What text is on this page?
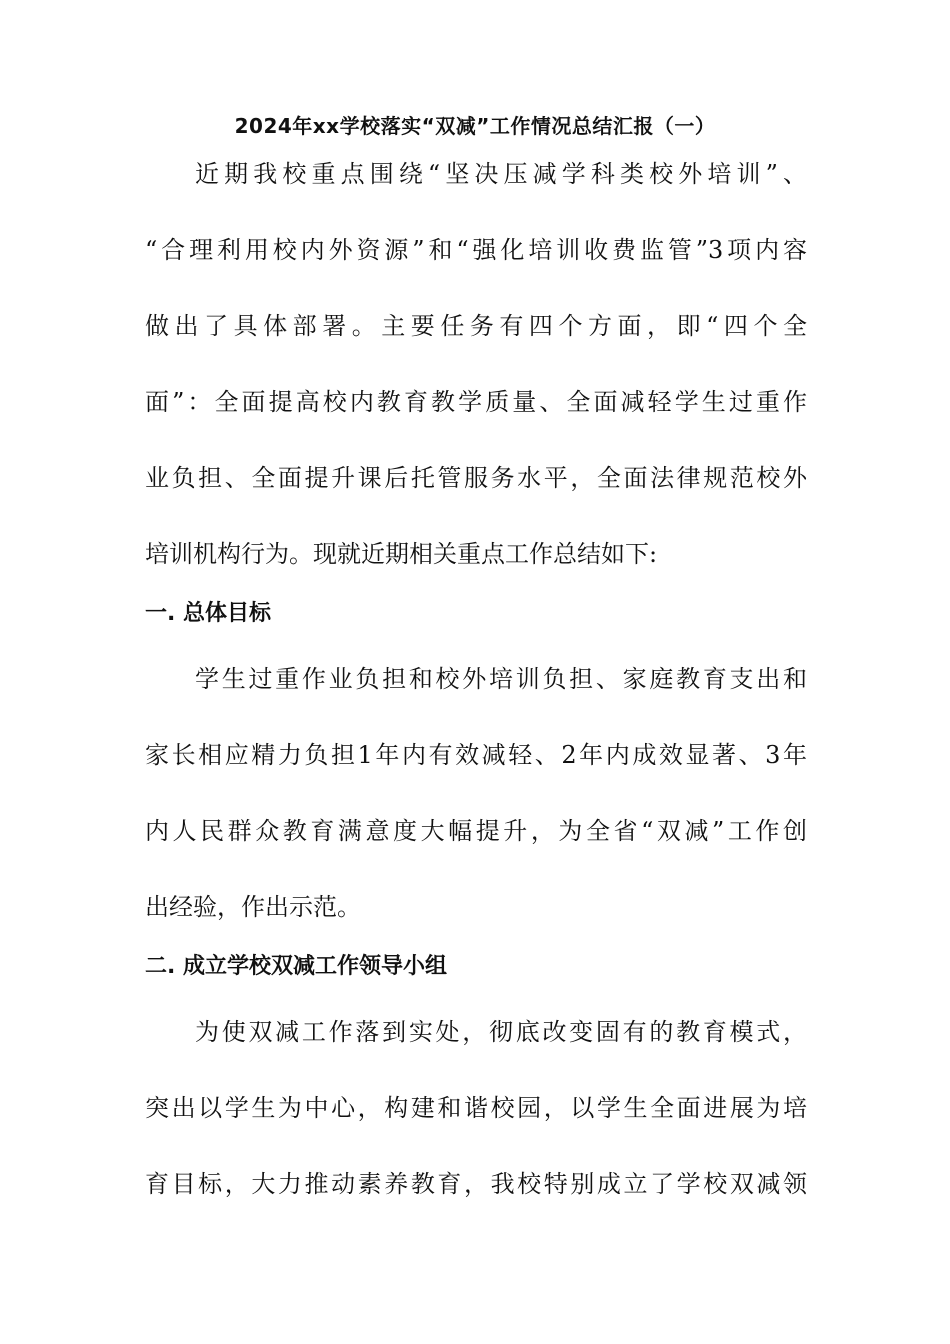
2024年xx学校落实“双减”工作情况总结汇报（一）
近期我校重点围绕“坚决压减学科类校外培训”、
“合理利用校内外资源”和“强化培训收费监管”3项内容
做出了具体部署。主要任务有四个方面，即“四个全
面”：全面提高校内教育教学质量、全面减轻学生过重作
业负担、全面提升课后托管服务水平，全面法律规范校外
培训机构行为。现就近期相关重点工作总结如下:
一. 总体目标
学生过重作业负担和校外培训负担、家庭教育支出和
家长相应精力负担1年内有效减轻、2年内成效显著、3年
内人民群众教育满意度大幅提升，为全省“双减”工作创
出经验，作出示范。
二. 成立学校双减工作领导小组
为使双减工作落到实处，彻底改变固有的教育模式，
突出以学生为中心，构建和谐校园，以学生全面进展为培
育目标，大力推动素养教育，我校特别成立了学校双减领
